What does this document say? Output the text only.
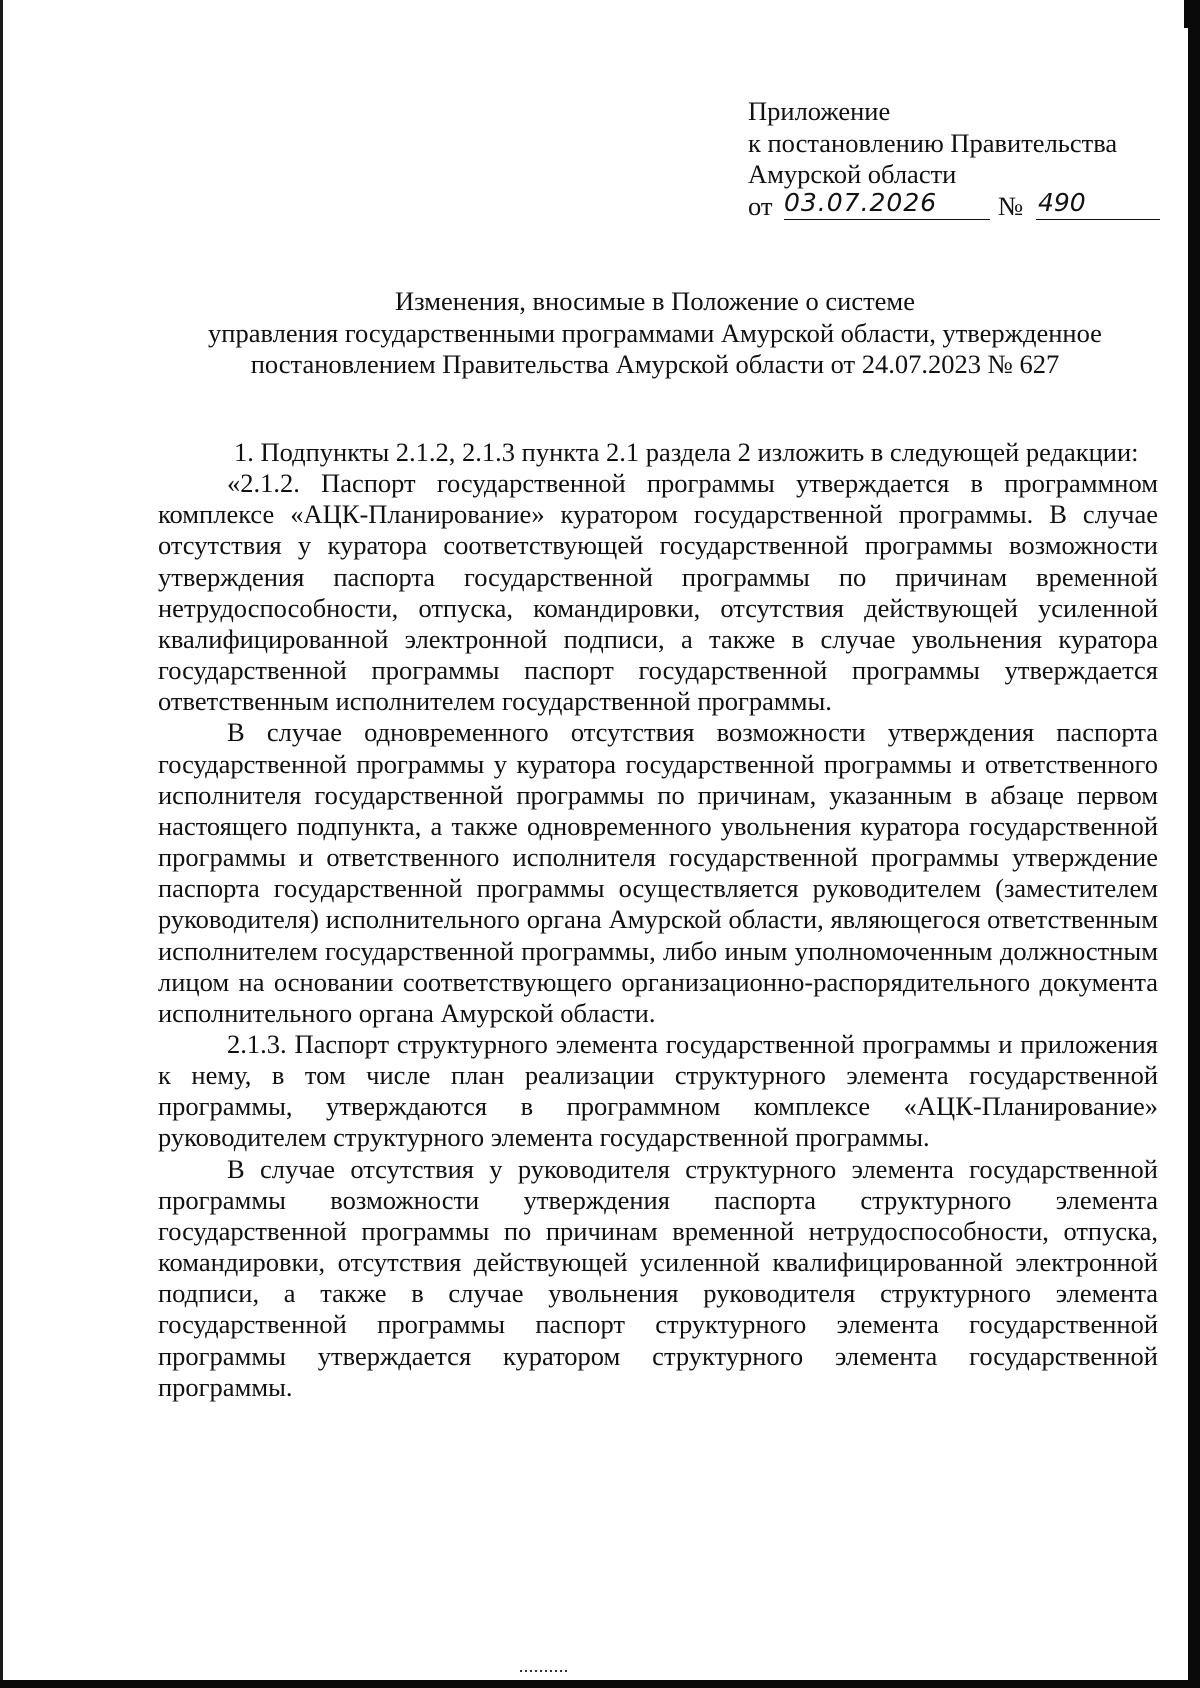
Приложение
к постановлению Правительства
Амурской области
от 03.07.2026	№ 490
Изменения, вносимые в Положение о системе
управления государственными программами Амурской области, утвержденное
постановлением Правительства Амурской области от 24.07.2023 № 627

1. Подпункты 2.1.2, 2.1.3 пункта 2.1 раздела 2 изложить в следующей редакции:

«2.1.2. Паспорт государственной программы утверждается в программном комплексе «АЦК-Планирование» куратором государственной программы. В случае отсутствия у куратора соответствующей государственной программы возможности утверждения паспорта государственной программы по причинам временной нетрудоспособности, отпуска, командировки, отсутствия действующей усиленной квалифицированной электронной подписи, а также в случае увольнения куратора государственной программы паспорт государственной программы утверждается ответственным исполнителем государственной программы.

В случае одновременного отсутствия возможности утверждения паспорта государственной программы у куратора государственной программы и ответственного исполнителя государственной программы по причинам, указанным в абзаце первом настоящего подпункта, а также одновременного увольнения куратора государственной программы и ответственного исполнителя государственной программы утверждение паспорта государственной программы осуществляется руководителем (заместителем руководителя) исполнительного органа Амурской области, являющегося ответственным исполнителем государственной программы, либо иным уполномоченным должностным лицом на основании соответствующего организационно-распорядительного документа исполнительного органа Амурской области.

2.1.3. Паспорт структурного элемента государственной программы и приложения к нему, в том числе план реализации структурного элемента государственной программы, утверждаются в программном комплексе «АЦК-Планирование» руководителем структурного элемента государственной программы.

В случае отсутствия у руководителя структурного элемента государственной программы возможности утверждения паспорта структурного элемента государственной программы по причинам временной нетрудоспособности, отпуска, командировки, отсутствия действующей усиленной квалифицированной электронной подписи, а также в случае увольнения руководителя структурного элемента государственной программы паспорт структурного элемента государственной программы утверждается куратором структурного элемента государственной программы.
